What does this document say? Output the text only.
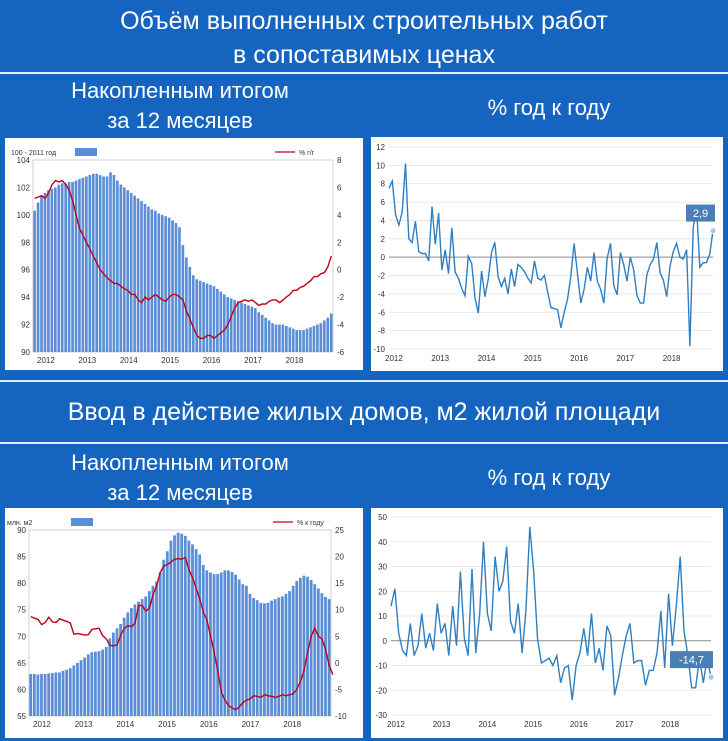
Объём выполненных строительных работ
в сопоставимых ценах
Накопленным итогом
за 12 месяцев
% год к году
90
92
94
96
98
100
102
104
-6
-4
-2
0
2
4
6
8
2012	2013	2014	2015	2016	2017	2018
100 - 2011 год	% г/г
-10
-8
-6
-4
-2
0
2
4
6
8
10
12
2,9
2012	2013	2014	2015	2016	2017	2018
Ввод в действие жилых домов, м2 жилой площади
Накопленным итогом
за 12 месяцев
% год к году
55
60
65
70
75
80
85
90
-10
-5
0
5
10
15
20
25
2012	2013	2014	2015	2016	2017	2018
млн. м2	% к году
-30
-20
-10
0
10
20
30
40
50
-14,7
2012	2013	2014	2015	2016	2017	2018
